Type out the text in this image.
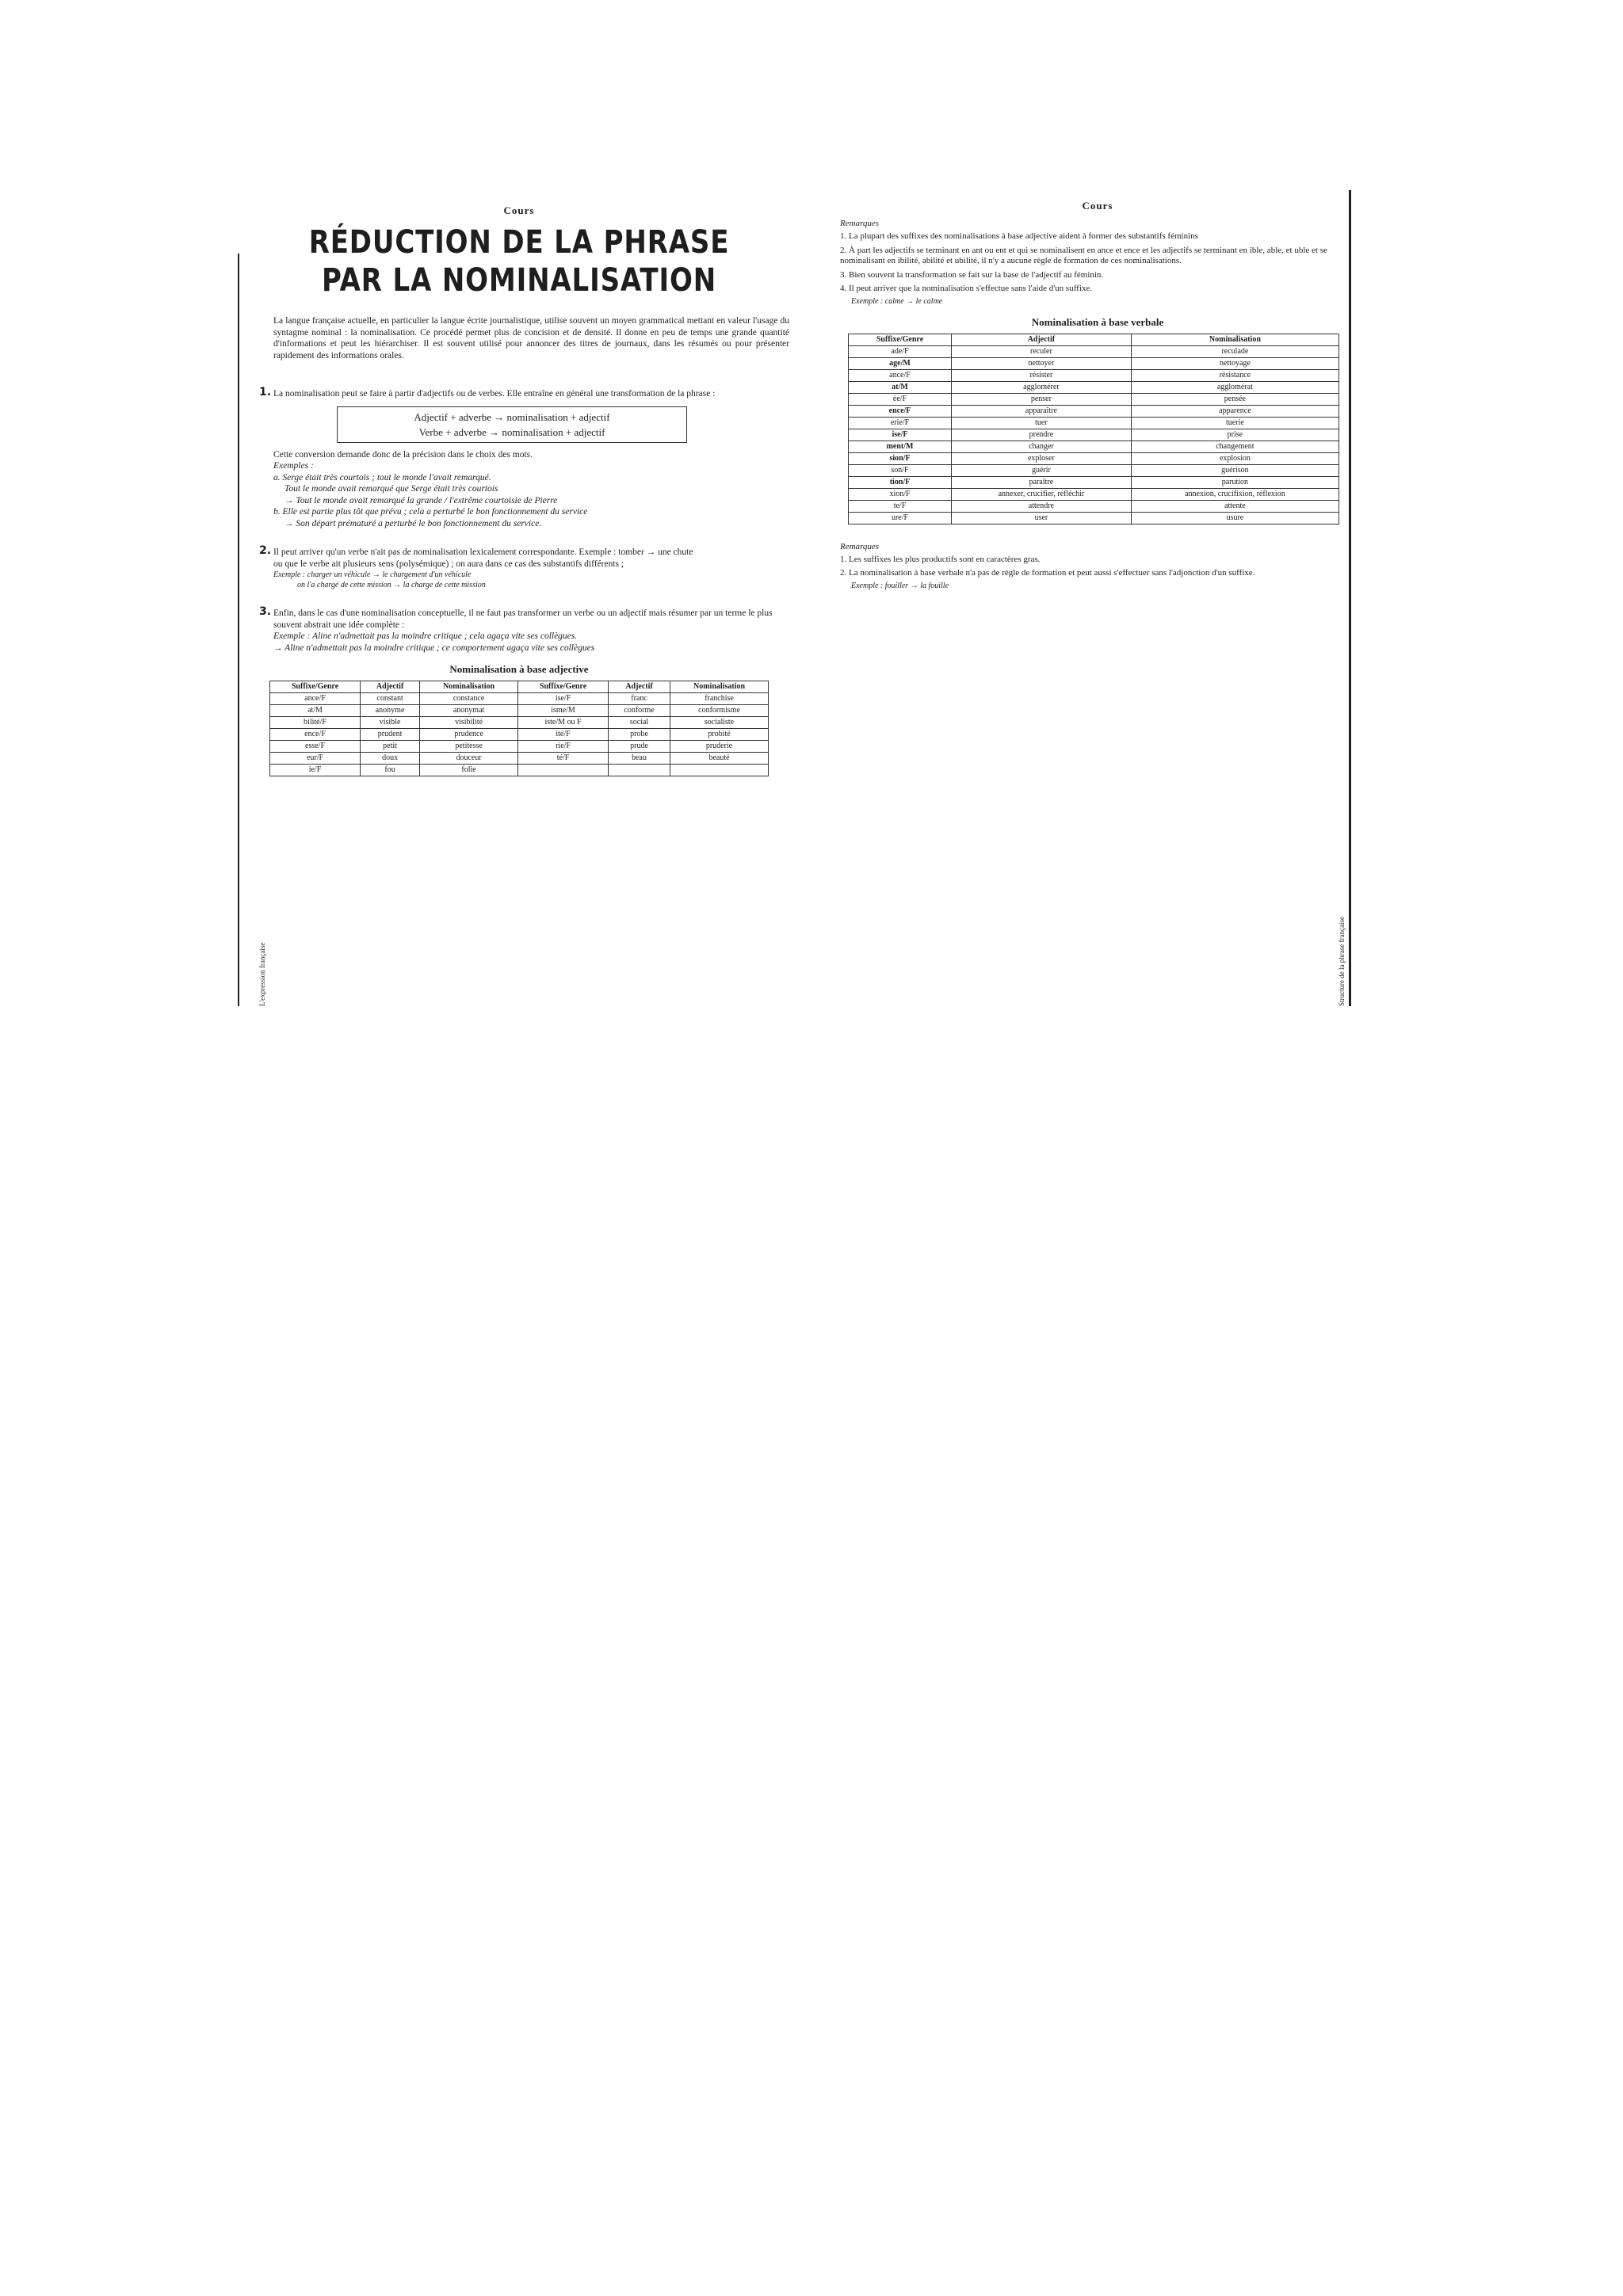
L'expression française
Cours
RÉDUCTION DE LA PHRASE
PAR LA NOMINALISATION
La langue française actuelle, en particulier la langue écrite journalistique, utilise souvent un moyen grammatical mettant en valeur l'usage du syntagme nominal : la nominalisation. Ce procédé permet plus de concision et de densité. Il donne en peu de temps une grande quantité d'informations et peut les hiérarchiser. Il est souvent utilisé pour annoncer des titres de journaux, dans les résumés ou pour présenter rapidement des informations orales.
1. La nominalisation peut se faire à partir d'adjectifs ou de verbes. Elle entraîne en général une transformation de la phrase :
Adjectif + adverbe → nominalisation + adjectif
Verbe + adverbe → nominalisation + adjectif
Cette conversion demande donc de la précision dans le choix des mots.
Exemples :
a. Serge était très courtois ; tout le monde l'avait remarqué.
Tout le monde avait remarqué que Serge était très courtois
→ Tout le monde avait remarqué la grande / l'extrême courtoisie de Pierre
b. Elle est partie plus tôt que prévu ; cela a perturbé le bon fonctionnement du service
→ Son départ prématuré a perturbé le bon fonctionnement du service.
2. Il peut arriver qu'un verbe n'ait pas de nominalisation lexicalement correspondante. Exemple : tomber → une chute
ou que le verbe ait plusieurs sens (polysémique) ; on aura dans ce cas des substantifs différents ;
Exemple : charger un véhicule → le chargement d'un véhicule
on l'a chargé de cette mission → la charge de cette mission
3. Enfin, dans le cas d'une nominalisation conceptuelle, il ne faut pas transformer un verbe ou un adjectif mais résumer par un terme le plus souvent abstrait une idée complète :
Exemple : Aline n'admettait pas la moindre critique ; cela agaça vite ses collègues.
→ Aline n'admettait pas la moindre critique ; ce comportement agaça vite ses collègues
Nominalisation à base adjective
Suffixe/Genre	Adjectif	Nominalisation	Suffixe/Genre	Adjectif	Nominalisation
ance/F	constant	constance	ise/F	franc	franchise
at/M	anonyme	anonymat	isme/M	conforme	conformisme
bilité/F	visible	visibilité	iste/M ou F	social	socialiste
ence/F	prudent	prudence	ité/F	probe	probité
esse/F	petit	petitesse	rie/F	prude	pruderie
eur/F	doux	douceur	té/F	beau	beauté
ie/F	fou	folie			
Structure de la phrase française
Cours
Remarques
1. La plupart des suffixes des nominalisations à base adjective aident à former des substantifs féminins
2. À part les adjectifs se terminant en ant ou ent et qui se nominalisent en ance et ence et les adjectifs se terminant en ible, able, et uble et se nominalisant en ibilité, abilité et ubilité, il n'y a aucune règle de formation de ces nominalisations.
3. Bien souvent la transformation se fait sur la base de l'adjectif au féminin.
4. Il peut arriver que la nominalisation s'effectue sans l'aide d'un suffixe.
Exemple : calme → le calme
Nominalisation à base verbale
Suffixe/Genre	Adjectif	Nominalisation
ade/F	reculer	reculade
age/M	nettoyer	nettoyage
ance/F	résister	résistance
at/M	agglomérer	agglomérat
ée/F	penser	pensée
ence/F	apparaître	apparence
erie/F	tuer	tuerie
ise/F	prendre	prise
ment/M	changer	changement
sion/F	exploser	explosion
son/F	guérir	guérison
tion/F	paraître	parution
xion/F	annexer, crucifier, réfléchir	annexion, crucifixion, réflexion
te/F	attendre	attente
ure/F	user	usure
Remarques
1. Les suffixes les plus productifs sont en caractères gras.
2. La nominalisation à base verbale n'a pas de règle de formation et peut aussi s'effectuer sans l'adjonction d'un suffixe.
Exemple : fouiller → la fouille
